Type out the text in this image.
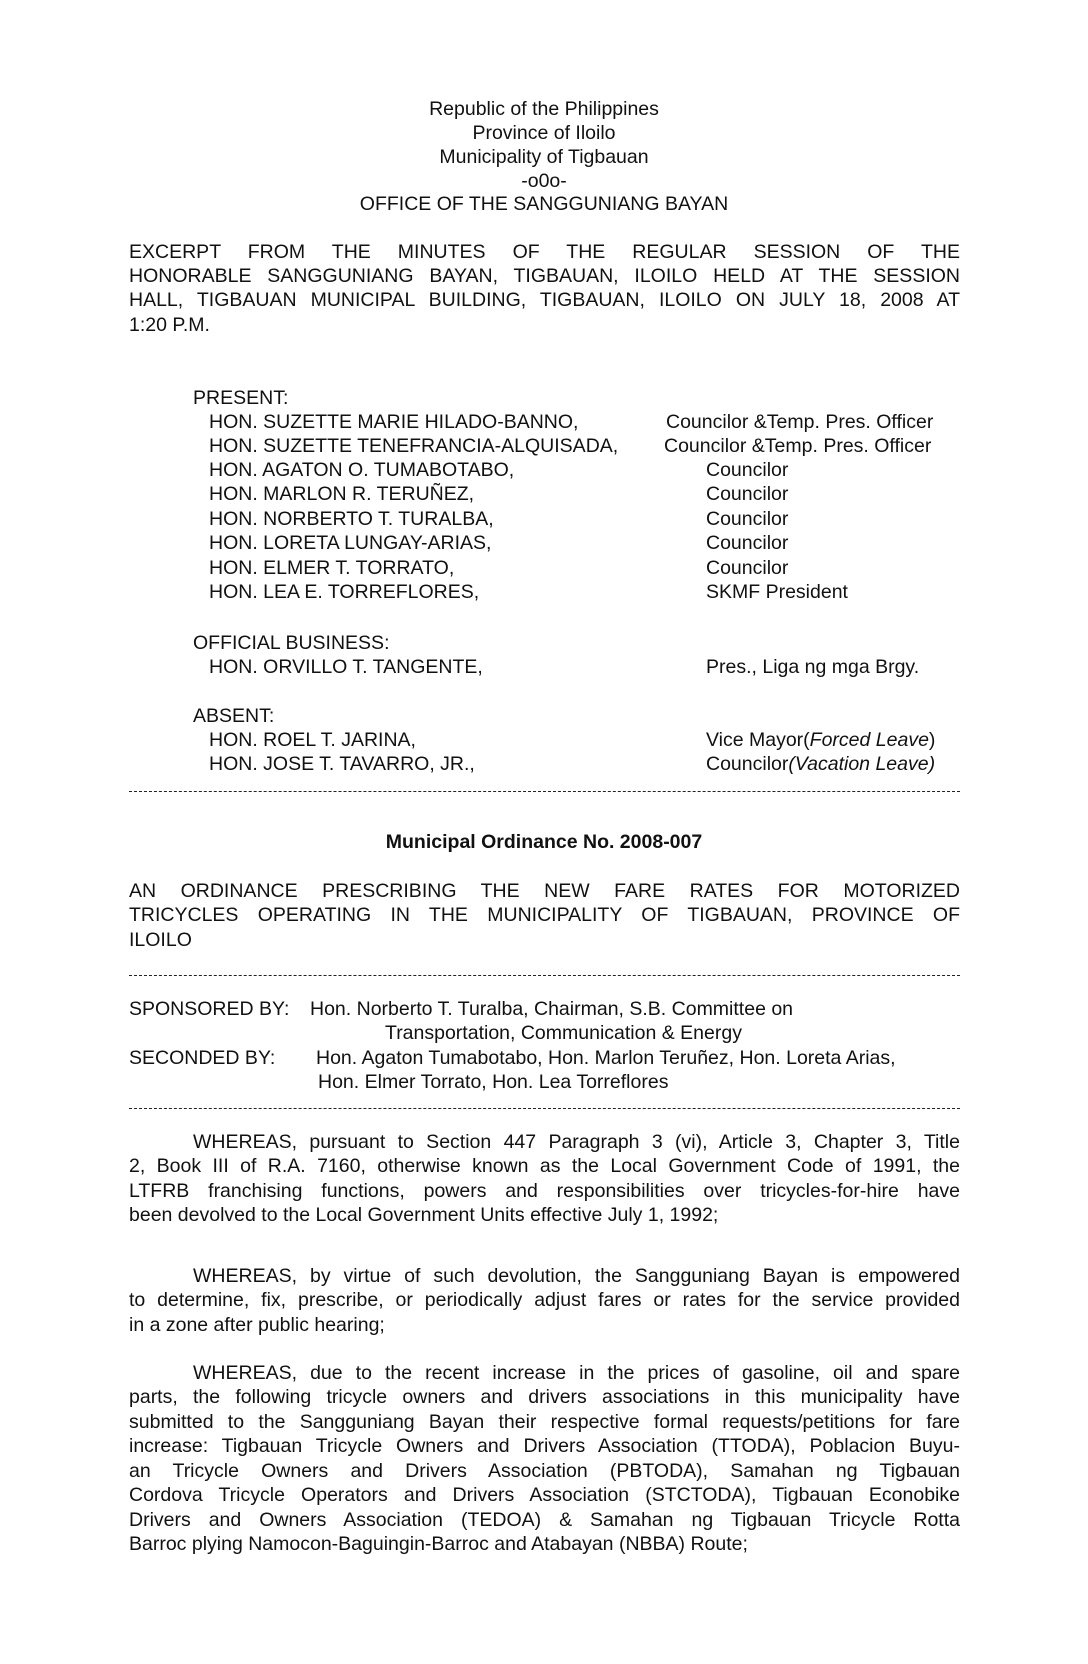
Republic of the Philippines
Province of Iloilo
Municipality of Tigbauan
-o0o-
OFFICE OF THE SANGGUNIANG BAYAN
EXCERPT FROM THE MINUTES OF THE REGULAR SESSION OF THE
HONORABLE SANGGUNIANG BAYAN, TIGBAUAN, ILOILO HELD AT THE SESSION
HALL, TIGBAUAN MUNICIPAL BUILDING, TIGBAUAN, ILOILO ON JULY 18, 2008 AT
1:20 P.M.
PRESENT:
HON. SUZETTE MARIE HILADO-BANNO,	Councilor &Temp. Pres. Officer
HON. SUZETTE TENEFRANCIA-ALQUISADA, Councilor &Temp. Pres. Officer
HON. AGATON O. TUMABOTABO,	Councilor
HON. MARLON R. TERUÑEZ,	Councilor
HON. NORBERTO T. TURALBA,	Councilor
HON. LORETA LUNGAY-ARIAS,	Councilor
HON. ELMER T. TORRATO,	Councilor
HON. LEA E. TORREFLORES,	SKMF President
OFFICIAL BUSINESS:
HON. ORVILLO T. TANGENTE,	Pres., Liga ng mga Brgy.
ABSENT:
HON. ROEL T. JARINA,	Vice Mayor(Forced Leave)
HON. JOSE T. TAVARRO, JR.,	Councilor(Vacation Leave)
Municipal Ordinance No. 2008-007
AN ORDINANCE PRESCRIBING THE NEW FARE RATES FOR MOTORIZED
TRICYCLES OPERATING IN THE MUNICIPALITY OF TIGBAUAN, PROVINCE OF
ILOILO
SPONSORED BY: Hon. Norberto T. Turalba, Chairman, S.B. Committee on
Transportation, Communication & Energy
SECONDED BY: Hon. Agaton Tumabotabo, Hon. Marlon Teruñez, Hon. Loreta Arias,
Hon. Elmer Torrato, Hon. Lea Torreflores
WHEREAS, pursuant to Section 447 Paragraph 3 (vi), Article 3, Chapter 3, Title
2, Book III of R.A. 7160, otherwise known as the Local Government Code of 1991, the
LTFRB franchising functions, powers and responsibilities over tricycles-for-hire have
been devolved to the Local Government Units effective July 1, 1992;
WHEREAS, by virtue of such devolution, the Sangguniang Bayan is empowered
to determine, fix, prescribe, or periodically adjust fares or rates for the service provided
in a zone after public hearing;
WHEREAS, due to the recent increase in the prices of gasoline, oil and spare
parts, the following tricycle owners and drivers associations in this municipality have
submitted to the Sangguniang Bayan their respective formal requests/petitions for fare
increase: Tigbauan Tricycle Owners and Drivers Association (TTODA), Poblacion Buyu-
an Tricycle Owners and Drivers Association (PBTODA), Samahan ng Tigbauan
Cordova Tricycle Operators and Drivers Association (STCTODA), Tigbauan Econobike
Drivers and Owners Association (TEDOA) & Samahan ng Tigbauan Tricycle Rotta
Barroc plying Namocon-Baguingin-Barroc and Atabayan (NBBA) Route;
